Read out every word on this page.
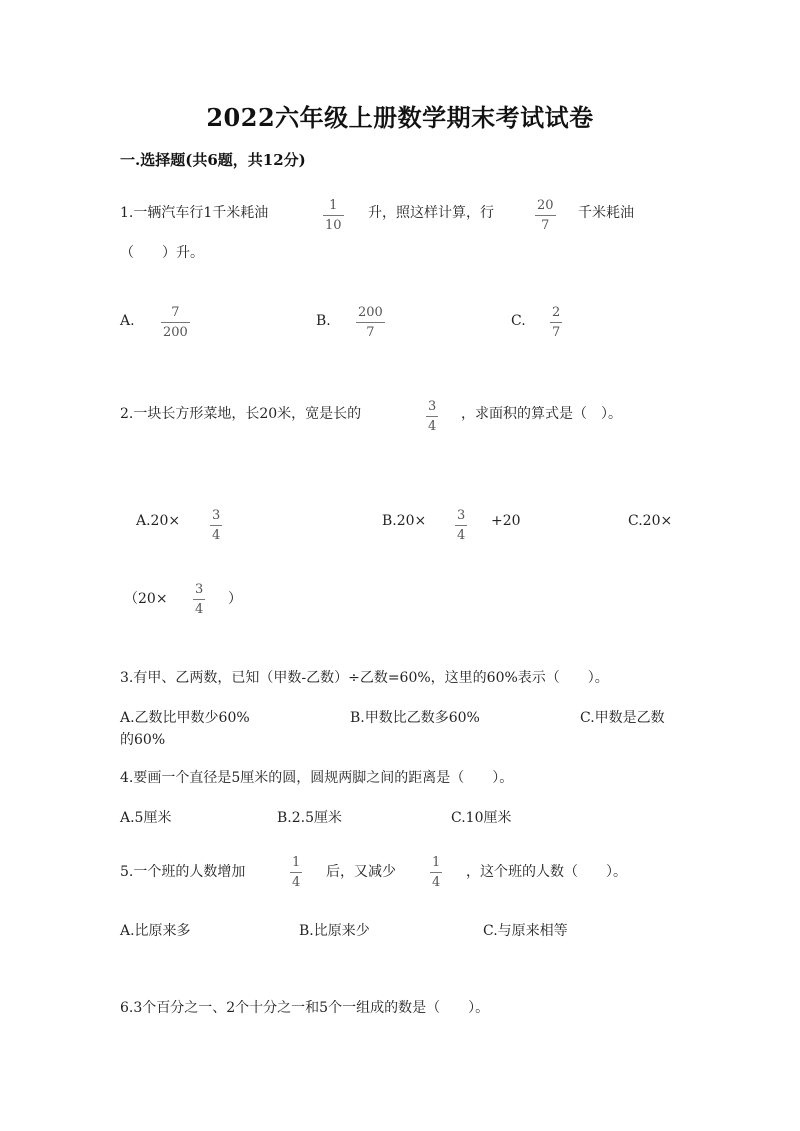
2022六年级上册数学期末考试试卷
一.选择题(共6题，共12分)
1.一辆汽车行1千米耗油	1
10
升，照这样计算，行	20
7
千米耗油
（　　）升。
A.
7
200
B.
200
7
C.
2
7
2.一块长方形菜地，长20米，宽是长的	3
4
，求面积的算式是（　）。
A.20× 3
4
B.20× 3
4
+20	C.20×
（20×
3
4
）
3.有甲、乙两数，已知（甲数-乙数）÷乙数=60%，这里的60%表示（　　）。
A.乙数比甲数少60%	B.甲数比乙数多60%	C.甲数是乙数
的60%
4.要画一个直径是5厘米的圆，圆规两脚之间的距离是（　　）。
A.5厘米	B.2.5厘米	C.10厘米
5.一个班的人数增加
1
4
后，又减少
1
4
，这个班的人数（　　）。
A.比原来多	B.比原来少	C.与原来相等
6.3个百分之一、2个十分之一和5个一组成的数是（　　）。
